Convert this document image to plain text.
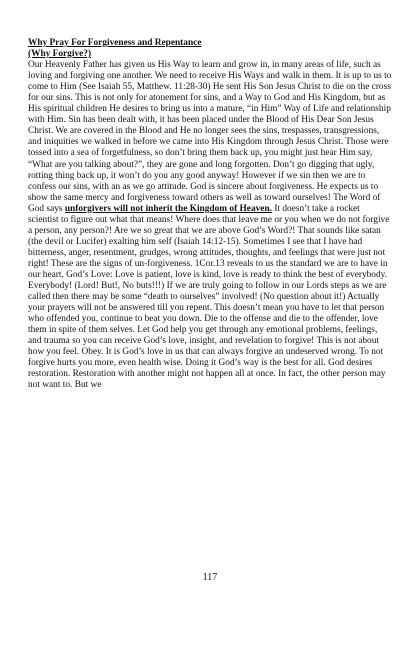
Why Pray For Forgiveness and Repentance
(Why Forgive?)
Our Heavenly Father has given us His Way to learn and grow in, in many areas of life, such as loving and forgiving one another. We need to receive His Ways and walk in them. It is up to us to come to Him (See Isaiah 55, Matthew. 11:28-30) He sent His Son Jesus Christ to die on the cross for our sins. This is not only for atonement for sins, and a Way to God and His Kingdom, but as His spiritual children He desires to bring us into a mature, “in Him” Way of Life and relationship with Him. Sin has been dealt with, it has been placed under the Blood of His Dear Son Jesus Christ. We are covered in the Blood and He no longer sees the sins, trespasses, transgressions, and iniquities we walked in before we came into His Kingdom through Jesus Christ. Those were tossed into a sea of forgetfulness, so don’t bring them back up, you might just hear Him say, “What are you talking about?”, they are gone and long forgotten. Don’t go digging that ugly, rotting thing back up, it won’t do you any good anyway! However if we sin then we are to confess our sins, with an as we go attitude. God is sincere about forgiveness. He expects us to show the same mercy and forgiveness toward others as well as toward ourselves! The Word of God says unforgivers will not inherit the Kingdom of Heaven. It doesn’t take a rocket scientist to figure out what that means! Where does that leave me or you when we do not forgive a person, any person?! Are we so great that we are above God’s Word?! That sounds like satan (the devil or Lucifer) exalting him self (Isaiah 14:12-15). Sometimes I see that I have had bitterness, anger, resentment, grudges, wrong attitudes, thoughts, and feelings that were just not right! These are the signs of un-forgiveness. 1Cor.13 reveals to us the standard we are to have in our heart, God’s Love: Love is patient, love is kind, love is ready to think the best of everybody. Everybody! (Lord! But!, No buts!!!) If we are truly going to follow in our Lords steps as we are called then there may be some “death to ourselves” involved! (No question about it!) Actually your prayers will not be answered till you repent. This doesn’t mean you have to let that person who offended you, continue to beat you down. Die to the offense and die to the offender, love them in spite of them selves. Let God help you get through any emotional problems, feelings, and trauma so you can receive God’s love, insight, and revelation to forgive! This is not about how you feel. Obey. It is God’s love in us that can always forgive an undeserved wrong. To not forgive hurts you more, even health wise. Doing it God’s way is the best for all. God desires restoration. Restoration with another might not happen all at once. In fact, the other person may not want to. But we
117
